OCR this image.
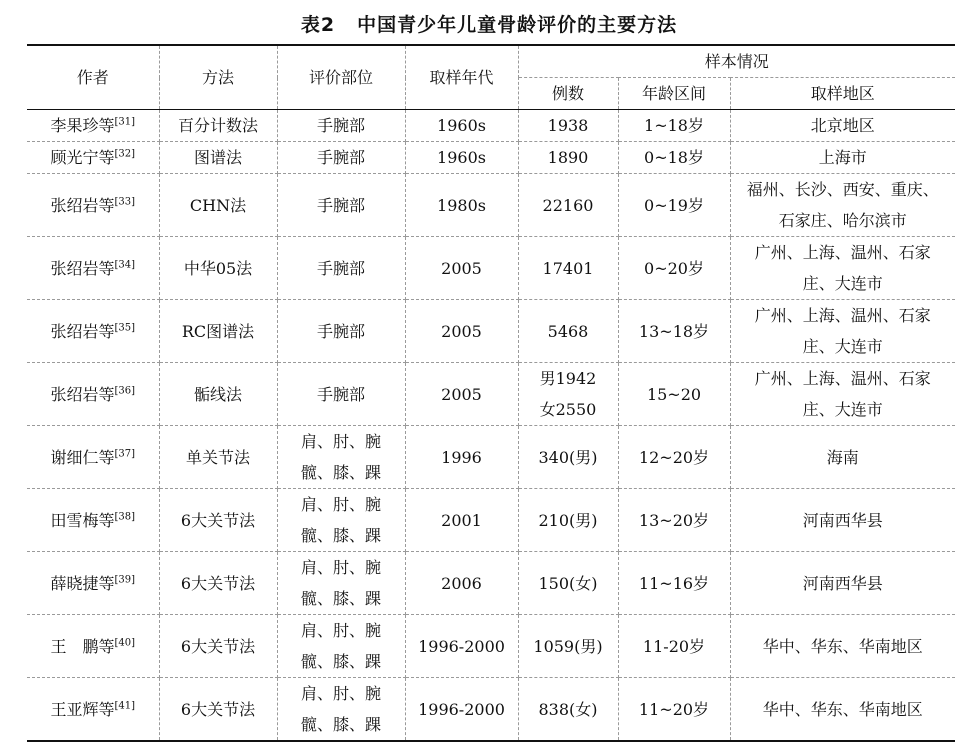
表2 中国青少年儿童骨龄评价的主要方法
作者	方法	评价部位	取样年代	样本情况		
				例数	年龄区间	取样地区
李果珍等[31]	百分计数法	手腕部	1960s	1938	1~18岁	北京地区
顾光宁等[32]	图谱法	手腕部	1960s	1890	0~18岁	上海市
张绍岩等[33]	CHN法	手腕部	1980s	22160	0~19岁	福州、长沙、西安、重庆、
石家庄、哈尔滨市

张绍岩等[34]	中华05法	手腕部	2005	17401	0~20岁	广州、上海、温州、石家
庄、大连市

张绍岩等[35]	RC图谱法	手腕部	2005	5468	13~18岁	广州、上海、温州、石家
庄、大连市

张绍岩等[36]	骺线法	手腕部	2005	男1942
女2550	15~20	广州、上海、温州、石家
庄、大连市

谢细仁等[37]	单关节法	肩、肘、腕
髋、膝、踝	1996	340(男)	12~20岁	海南
田雪梅等[38]	6大关节法	肩、肘、腕
髋、膝、踝	2001	210(男)	13~20岁	河南西华县
薛晓捷等[39]	6大关节法	肩、肘、腕
髋、膝、踝	2006	150(女)	11~16岁	河南西华县
王　鹏等[40]	6大关节法	肩、肘、腕
髋、膝、踝	1996-2000	1059(男)	11-20岁	华中、华东、华南地区
王亚辉等[41]	6大关节法	肩、肘、腕
髋、膝、踝	1996-2000	838(女)	11~20岁	华中、华东、华南地区
